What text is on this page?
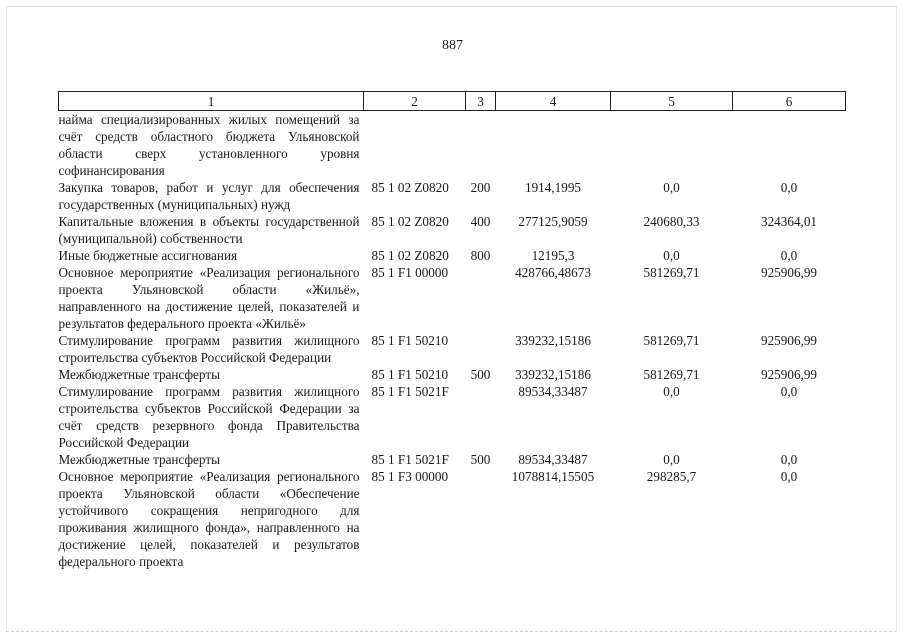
887
1	2	3	4	5	6
найма специализированных жилых помещений за счёт средств областного бюджета Ульяновской области сверх установленного уровня софинансирования					
Закупка товаров, работ и услуг для обеспечения государственных (муниципальных) нужд	85 1 02 Z0820	200	1914,1995	0,0	0,0
Капитальные вложения в объекты государственной (муниципальной) собственности	85 1 02 Z0820	400	277125,9059	240680,33	324364,01
Иные бюджетные ассигнования	85 1 02 Z0820	800	12195,3	0,0	0,0
Основное мероприятие «Реализация регионального проекта Ульяновской области «Жильё», направленного на достижение целей, показателей и результатов федерального проекта «Жильё»	85 1 F1 00000		428766,48673	581269,71	925906,99
Стимулирование программ развития жилищного строительства субъектов Российской Федерации	85 1 F1 50210		339232,15186	581269,71	925906,99
Межбюджетные трансферты	85 1 F1 50210	500	339232,15186	581269,71	925906,99
Стимулирование программ развития жилищного строительства субъектов Российской Федерации за счёт средств резервного фонда Правительства Российской Федерации	85 1 F1 5021F		89534,33487	0,0	0,0
Межбюджетные трансферты	85 1 F1 5021F	500	89534,33487	0,0	0,0
Основное мероприятие «Реализация регионального проекта Ульяновской области «Обеспечение устойчивого сокращения непригодного для проживания жилищного фонда», направленного на достижение целей, показателей и результатов федерального проекта	85 1 F3 00000		1078814,15505	298285,7	0,0
